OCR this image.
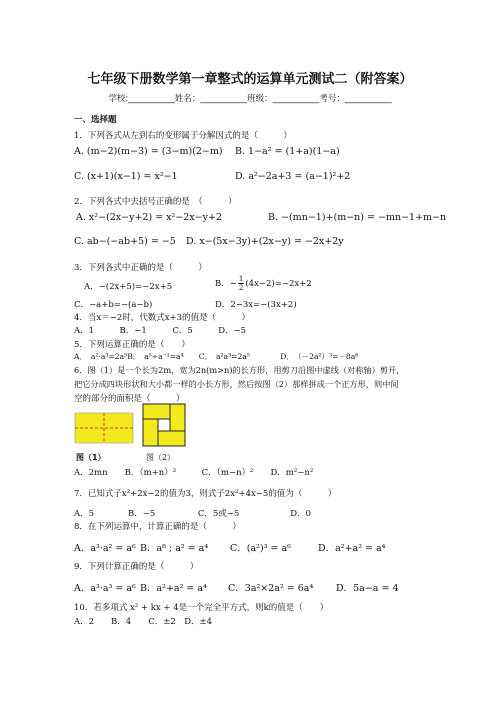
七年级下册数学第一章整式的运算单元测试二（附答案）
学校:___________姓名：___________班级：___________考号：___________
一、选择题
1．下列各式从左到右的变形属于分解因式的是（　　　）
A. (m−2)(m−3) = (3−m)(2−m) B. 1−a² = (1+a)(1−a)
C. (x+1)(x−1) = x²−1	D. a²−2a+3 = (a−1)²+2
2．下列各式中去括号正确的是　（　　　）
A. x²−(2x−y+2) = x²−2x−y+2	B. −(mn−1)+(m−n) = −mn−1+m−n
C. ab−(−ab+5) = −5 D. x−(5x−3y)+(2x−y) = −2x+2y
3．下列各式中正确的是（　　　）
A．−(2x+5)=−2x+5	B．− $\frac{1}{2} (4x-2)=-2x+2$
C．−a+b=−(a−b)	D．2−3x=−(3x+2)
4．当x＝−2时，代数式x+3的值是（　　　）
A．1　　　B．−1　　　C．5　　　D．−5
5．下列运算正确的是（　　）
A．　a²·a³=2a⁵B．　a⁵÷a⁻¹=a⁴　　C．　a²a³=2a⁵　　　　D．　（－2a²）³= - 8a⁶
6．图（1）是一个长为2m，宽为2n(m>n)的长方形，用剪刀沿图中虚线（对称轴）剪开，
把它分成四块形状和大小都一样的小长方形，然后按图（2）那样拼成一个正方形，则中间
空的部分的面积是（　　　）
图（1）	图（2）
A．2mn　　B．（m+n）²　　　C．（m−n）²　　D．m²−n²
7．已知式子x²+2x−2的值为3，则式子2x²+4x−5的值为（　　　）
A．5　　　　B．−5　　　　　C．5或−5　　　　　　D．0
8．在下列运算中，计算正确的是（　　　）
A．a³·a² = a⁶ B．a⁸ ; a² = a⁴ C．(a²)³ = a⁶	D．a²+a² = a⁴
9．下列计算正确的是（　　　）
A．a³·a³ = a⁶ B．a²+a² = a⁴ C．3a²×2a² = 6a⁴ D．5a−a = 4
10．若多项式 x² + kx + 4是一个完全平方式，则k的值是（　　）
A．2　　B．4　　C．±2　D．±4
